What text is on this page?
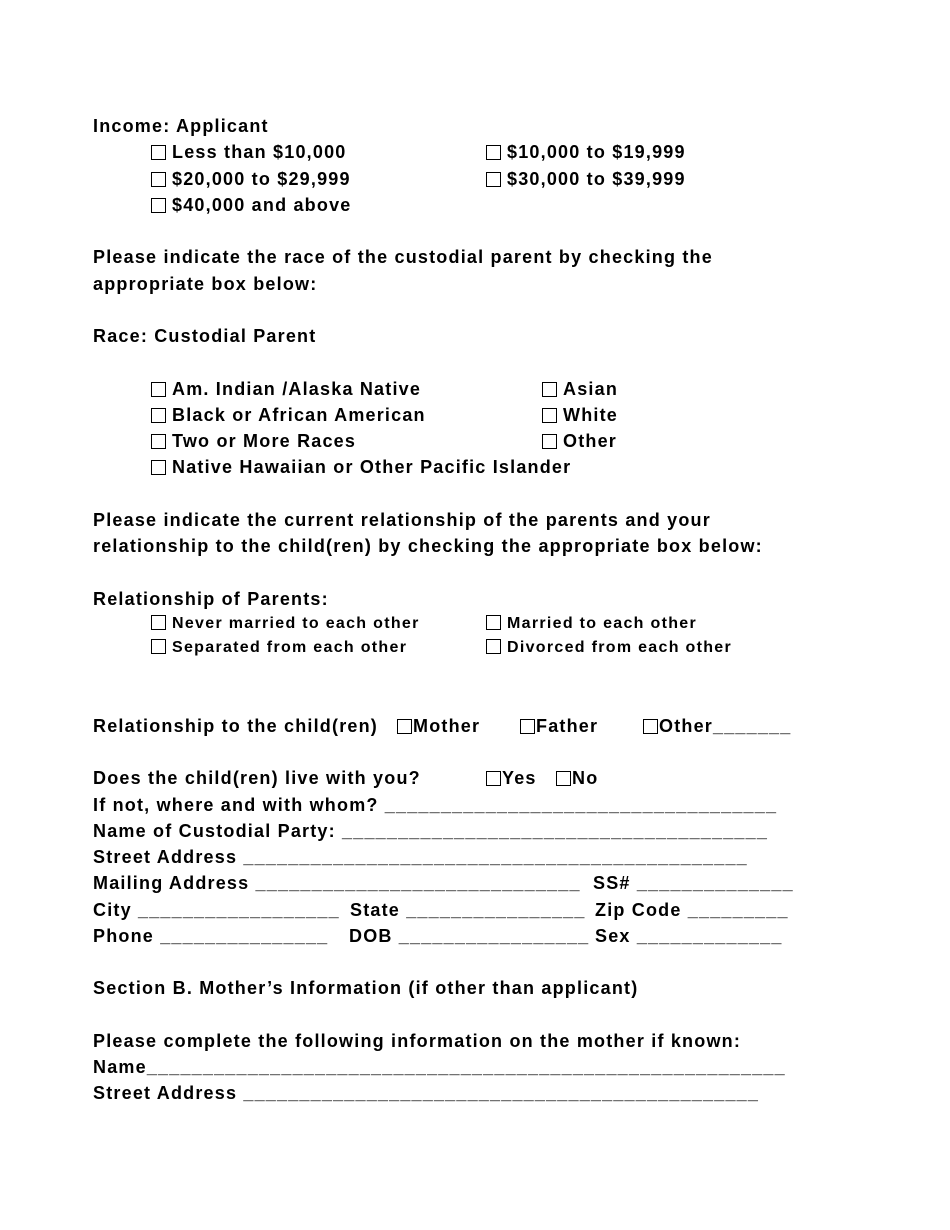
Income: Applicant
Less than $10,000	$10,000 to $19,999
$20,000 to $29,999	$30,000 to $39,999
$40,000 and above
Please indicate the race of the custodial parent by checking the
appropriate box below:
Race: Custodial Parent
Am. Indian /Alaska Native	Asian
Black or African American	White
Two or More Races	Other
Native Hawaiian or Other Pacific Islander
Please indicate the current relationship of the parents and your
relationship to the child(ren) by checking the appropriate box below:
Relationship of Parents:
Never married to each other	Married to each other
Separated from each other	Divorced from each other
Relationship to the child(ren)	Mother	Father	Other_______
Does the child(ren) live with you?	Yes	No
If not, where and with whom? ___________________________________
Name of Custodial Party: ______________________________________
Street Address _____________________________________________
Mailing Address _____________________________ SS# ______________
City __________________ State ________________ Zip Code _________
Phone _______________ DOB _________________ Sex _____________
Section B. Mother’s Information (if other than applicant)
Please complete the following information on the mother if known:
Name_________________________________________________________
Street Address ______________________________________________
